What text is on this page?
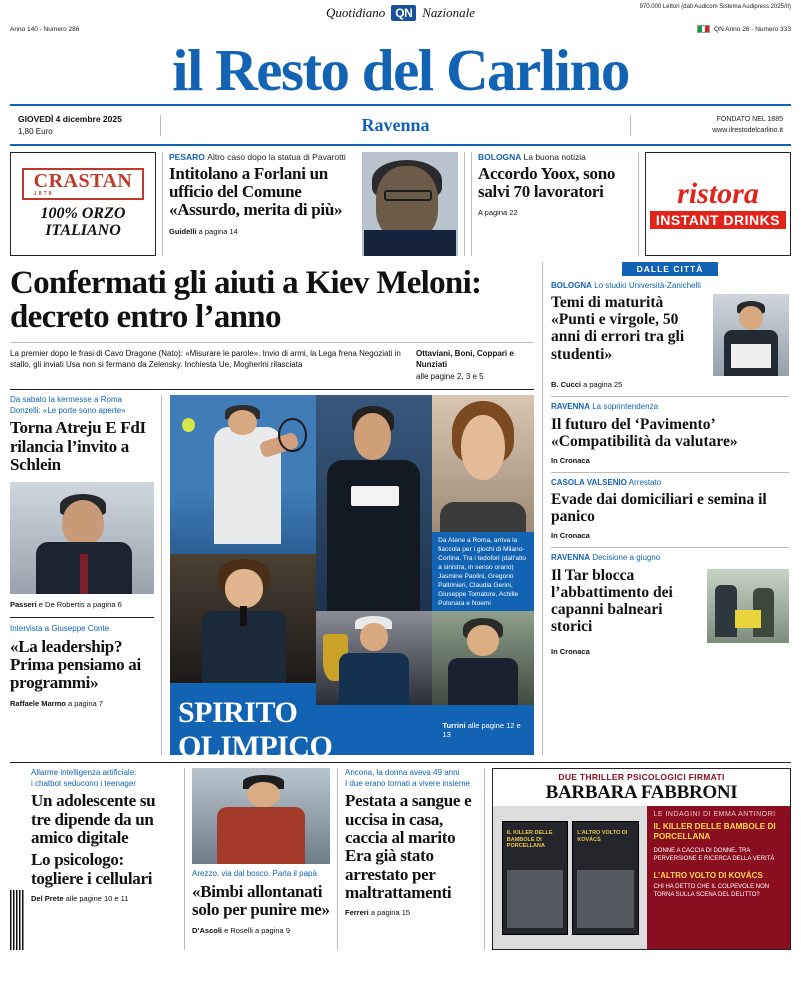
Quotidiano QN Nazionale	970.000 Lettori (dati Audicom Sistema Audipress 2025/II)
Anno 140 - Numero 286	QN Anno 26 - Numero 333
il Resto del Carlino
GIOVEDÌ 4 dicembre 2025
1,80 Euro	Ravenna	FONDATO NEL 1885
www.ilrestodelcarlino.it
CRASTAN
1870
100% ORZO
ITALIANO
PESARO Altro caso dopo la statua di Pavarotti
Intitolano a Forlani un ufficio del Comune «Assurdo, merita di più»
Guidelli a pagina 14
BOLOGNA La buona notizia
Accordo Yoox, sono salvi 70 lavoratori
A pagina 22
ristora
INSTANT DRINKS
Confermati gli aiuti a Kiev Meloni: decreto entro l’anno

La premier dopo le frasi di Cavo Dragone (Nato): «Misurare le parole». Invio di armi, la Lega frena Negoziati in stallo, gli inviati Usa non si fermano da Zelensky. Inchiesta Ue, Mogherini rilasciata

Ottaviani, Boni, Coppari e Nunziati
alle pagine 2, 3 e 5
Da sabato la kermesse a Roma
Donzelli: «Le porte sono aperte»
Torna Atreju E FdI rilancia l’invito a Schlein
Passeri e De Robertis a pagina 6
Intervista a Giuseppe Conte
«La leadership? Prima pensiamo ai programmi»
Raffaele Marmo a pagina 7

Da Atene a Roma, arriva la fiaccola per i giochi di Milano-Cortina. Tra i tedofori (dall’alto a sinistra, in senso orario) Jasmine Paolini, Gregorio Paltrinieri, Claudia Gerini, Giuseppe Tomatore, Achille Polonara e Noemi

SPIRITO OLIMPICO
Turrini alle pagine 12 e 13
DALLE CITTÀ
BOLOGNA Lo studio Università-Zanichelli
Temi di maturità «Punti e virgole, 50 anni di errori tra gli studenti»
B. Cucci a pagina 25
RAVENNA La soprintendenza
Il futuro del ‘Pavimento’ «Compatibilità da valutare»
In Cronaca
CASOLA VALSENIO Arrestato
Evade dai domiciliari e semina il panico
In Cronaca
RAVENNA Decisione a giugno
Il Tar blocca l’abbattimento dei capanni balneari storici
In Cronaca
Allarme intelligenza artificiale:
i chatbot seducono i teenager
Un adolescente su tre dipende da un amico digitale
Lo psicologo: togliere i cellulari
Del Prete alle pagine 10 e 11
Arezzo, via dal bosco. Parla il papà
«Bimbi allontanati solo per punire me»
D’Ascoli e Roselli a pagina 9
Ancona, la donna aveva 49 anni
I due erano tornati a vivere insieme
Pestata a sangue e uccisa in casa, caccia al marito Era già stato arrestato per maltrattamenti
Ferreri a pagina 15
DUE THRILLER PSICOLOGICI FIRMATI
BARBARA FABBRONI
IL KILLER DELLE BAMBOLE DI PORCELLANA
L’ALTRO VOLTO DI KOVÁCS
LE INDAGINI DI EMMA ANTINORI
IL KILLER DELLE BAMBOLE DI PORCELLANA
DONNE A CACCIA DI DONNE, TRA PERVERSIONE E RICERCA DELLA VERITÀ
L’ALTRO VOLTO DI KOVÁCS
CHI HA DETTO CHE IL COLPEVOLE NON TORNA SULLA SCENA DEL DELITTO?
